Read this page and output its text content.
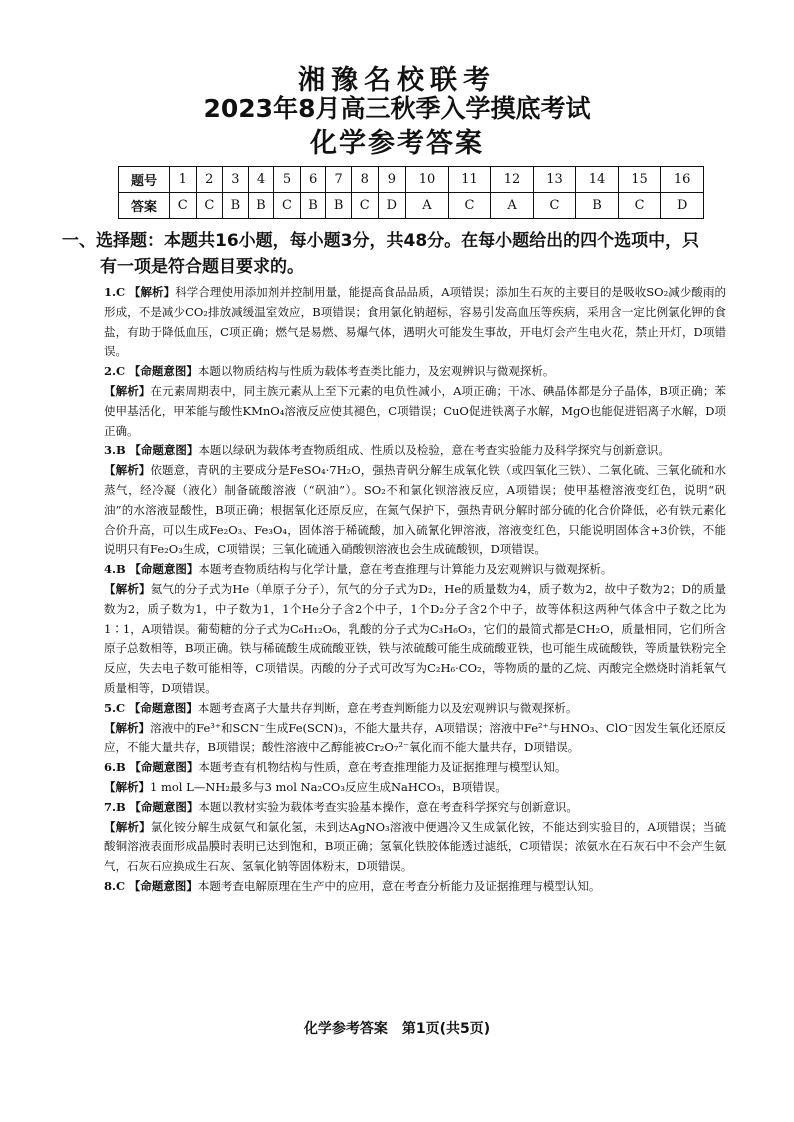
湘豫名校联考
2023年8月高三秋季入学摸底考试
化学参考答案
题号	1	2	3	4	5	6	7	8	9	10	11	12	13	14	15	16
答案	C	C	B	B	C	B	B	C	D	A	C	A	C	B	C	D
一、选择题：本题共16小题，每小题3分，共48分。在每小题给出的四个选项中，只
有一项是符合题目要求的。

1.C 【解析】科学合理使用添加剂并控制用量，能提高食品品质，A项错误；添加生石灰的主要目的是吸收SO₂减少酸雨的形成，不是减少CO₂排放减缓温室效应，B项错误；食用氯化钠超标，容易引发高血压等疾病，采用含一定比例氯化钾的食盐，有助于降低血压，C项正确；燃气是易燃、易爆气体，遇明火可能发生事故，开电灯会产生电火花，禁止开灯，D项错误。

2.C 【命题意图】本题以物质结构与性质为载体考查类比能力，及宏观辨识与微观探析。

【解析】在元素周期表中，同主族元素从上至下元素的电负性减小，A项正确；干冰、碘晶体都是分子晶体，B项正确；苯使甲基活化，甲苯能与酸性KMnO₄溶液反应使其褪色，C项错误；CuO促进铁离子水解，MgO也能促进铝离子水解，D项正确。

3.B 【命题意图】本题以绿矾为载体考查物质组成、性质以及检验，意在考查实验能力及科学探究与创新意识。

【解析】依题意，青矾的主要成分是FeSO₄·7H₂O，强热青矾分解生成氧化铁（或四氧化三铁）、二氧化硫、三氧化硫和水蒸气，经冷凝（液化）制备硫酸溶液（“矾油”）。SO₂不和氯化钡溶液反应，A项错误；使甲基橙溶液变红色，说明“矾油”的水溶液显酸性，B项正确；根据氧化还原反应，在氮气保护下，强热青矾分解时部分硫的化合价降低，必有铁元素化合价升高，可以生成Fe₂O₃、Fe₃O₄，固体溶于稀硫酸，加入硫氰化钾溶液，溶液变红色，只能说明固体含+3价铁，不能说明只有Fe₂O₃生成，C项错误；三氧化硫通入硝酸钡溶液也会生成硫酸钡，D项错误。

4.B 【命题意图】本题考查物质结构与化学计量，意在考查推理与计算能力及宏观辨识与微观探析。

【解析】氦气的分子式为He（单原子分子），氘气的分子式为D₂，He的质量数为4，质子数为2，故中子数为2；D的质量数为2，质子数为1，中子数为1，1个He分子含2个中子，1个D₂分子含2个中子，故等体积这两种气体含中子数之比为1∶1，A项错误。葡萄糖的分子式为C₆H₁₂O₆，乳酸的分子式为C₃H₆O₃，它们的最简式都是CH₂O，质量相同，它们所含原子总数相等，B项正确。铁与稀硫酸生成硫酸亚铁，铁与浓硫酸可能生成硫酸亚铁，也可能生成硫酸铁，等质量铁粉完全反应，失去电子数可能相等，C项错误。丙酸的分子式可改写为C₂H₆·CO₂，等物质的量的乙烷、丙酸完全燃烧时消耗氧气质量相等，D项错误。

5.C 【命题意图】本题考查离子大量共存判断，意在考查判断能力以及宏观辨识与微观探析。

【解析】溶液中的Fe³⁺和SCN⁻生成Fe(SCN)₃，不能大量共存，A项错误；溶液中Fe²⁺与HNO₃、ClO⁻因发生氧化还原反应，不能大量共存，B项错误；酸性溶液中乙醇能被Cr₂O₇²⁻氧化而不能大量共存，D项错误。

6.B 【命题意图】本题考查有机物结构与性质，意在考查推理能力及证据推理与模型认知。

【解析】1 mol L—NH₂最多与3 mol Na₂CO₃反应生成NaHCO₃，B项错误。

7.B 【命题意图】本题以教材实验为载体考查实验基本操作，意在考查科学探究与创新意识。

【解析】氯化铵分解生成氨气和氯化氢，未到达AgNO₃溶液中便遇冷又生成氯化铵，不能达到实验目的，A项错误；当硫酸铜溶液表面形成晶膜时表明已达到饱和，B项正确；氢氧化铁胶体能透过滤纸，C项错误；浓氨水在石灰石中不会产生氨气，石灰石应换成生石灰、氢氧化钠等固体粉末，D项错误。

8.C 【命题意图】本题考查电解原理在生产中的应用，意在考查分析能力及证据推理与模型认知。

化学参考答案　第1页(共5页)
